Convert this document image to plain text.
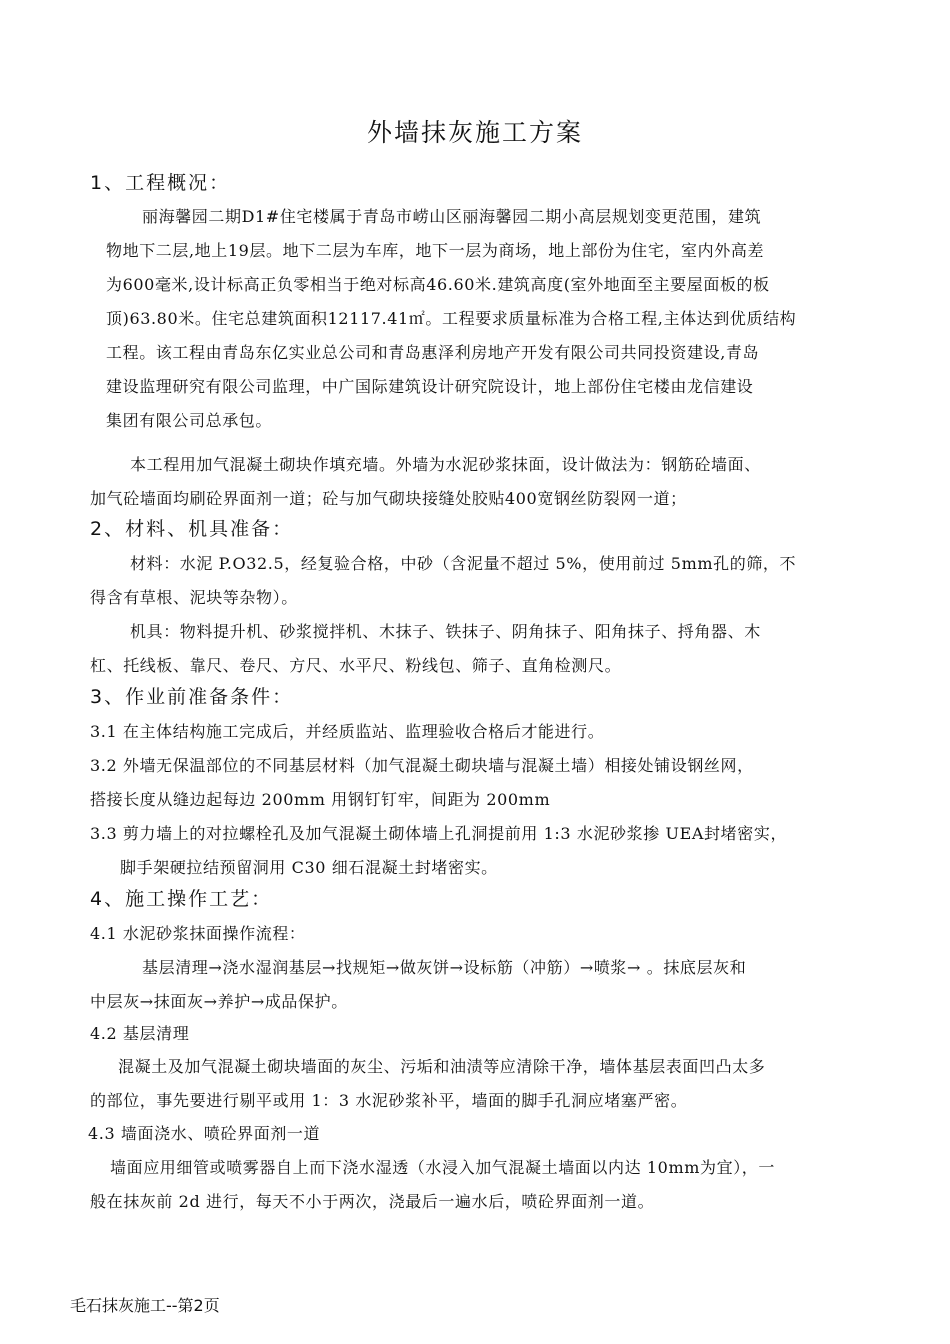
外墙抹灰施工方案
1、工程概况：
丽海馨园二期D1#住宅楼属于青岛市崂山区丽海馨园二期小高层规划变更范围，建筑
物地下二层,地上19层。地下二层为车库，地下一层为商场，地上部份为住宅，室内外高差
为600毫米,设计标高正负零相当于绝对标高46.60米.建筑高度(室外地面至主要屋面板的板
顶)63.80米。住宅总建筑面积12117.41㎡。工程要求质量标准为合格工程,主体达到优质结构
工程。该工程由青岛东亿实业总公司和青岛惠泽利房地产开发有限公司共同投资建设,青岛
建设监理研究有限公司监理，中广国际建筑设计研究院设计，地上部份住宅楼由龙信建设
集团有限公司总承包。
本工程用加气混凝土砌块作填充墙。外墙为水泥砂浆抹面，设计做法为：钢筋砼墙面、
加气砼墙面均刷砼界面剂一道；砼与加气砌块接缝处胶贴400宽钢丝防裂网一道；
2、材料、机具准备：
材料：水泥 P.O32.5，经复验合格，中砂（含泥量不超过 5%，使用前过 5mm孔的筛，不
得含有草根、泥块等杂物）。
机具：物料提升机、砂浆搅拌机、木抹子、铁抹子、阴角抹子、阳角抹子、捋角器、木
杠、托线板、靠尺、卷尺、方尺、水平尺、粉线包、筛子、直角检测尺。
3、作业前准备条件：
3.1 在主体结构施工完成后，并经质监站、监理验收合格后才能进行。
3.2 外墙无保温部位的不同基层材料（加气混凝土砌块墙与混凝土墙）相接处铺设钢丝网，
搭接长度从缝边起每边 200mm 用钢钉钉牢，间距为 200mm
3.3 剪力墙上的对拉螺栓孔及加气混凝土砌体墙上孔洞提前用 1:3 水泥砂浆掺 UEA封堵密实，
脚手架硬拉结预留洞用 C30 细石混凝土封堵密实。
4、施工操作工艺：
4.1 水泥砂浆抹面操作流程：
基层清理→浇水湿润基层→找规矩→做灰饼→设标筋（冲筋）→喷浆→ 。抹底层灰和
中层灰→抹面灰→养护→成品保护。
4.2 基层清理
混凝土及加气混凝土砌块墙面的灰尘、污垢和油渍等应清除干净，墙体基层表面凹凸太多
的部位，事先要进行剔平或用 1：3 水泥砂浆补平，墙面的脚手孔洞应堵塞严密。
4.3 墙面浇水、喷砼界面剂一道
墙面应用细管或喷雾器自上而下浇水湿透（水浸入加气混凝土墙面以内达 10mm为宜），一
般在抹灰前 2d 进行，每天不小于两次，浇最后一遍水后，喷砼界面剂一道。
毛石抹灰施工--第2页
